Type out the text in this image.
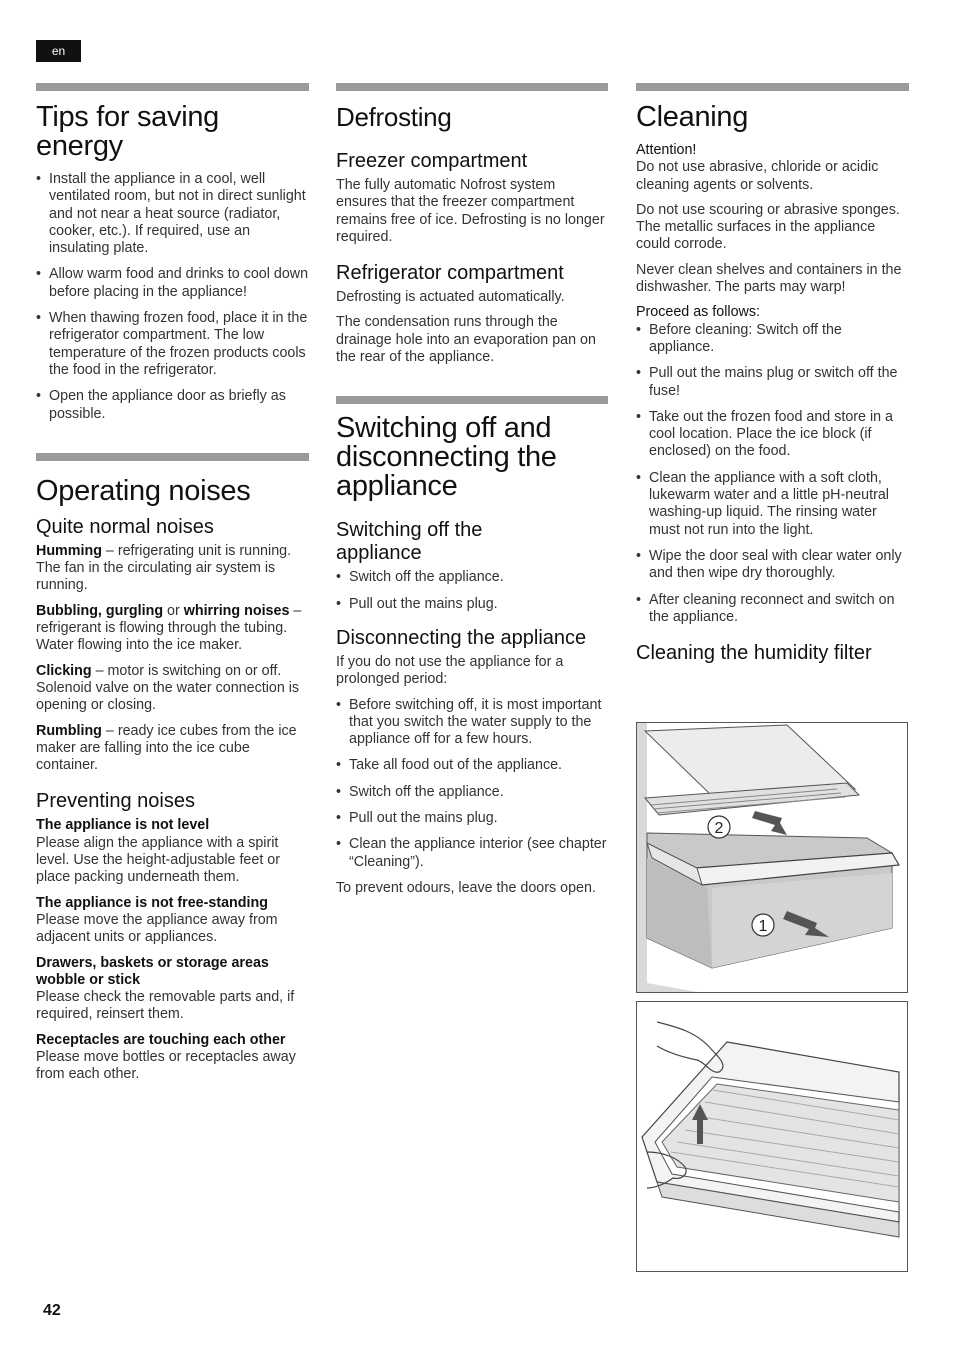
en
Tips for saving energy
• Install the appliance in a cool, well ventilated room, but not in direct sunlight and not near a heat source (radiator, cooker, etc.). If required, use an insulating plate.
• Allow warm food and drinks to cool down before placing in the appliance!
• When thawing frozen food, place it in the refrigerator compartment. The low temperature of the frozen products cools the food in the refrigerator.
• Open the appliance door as briefly as possible.
Operating noises
Quite normal noises

Humming – refrigerating unit is running. The fan in the circulating air system is running.

Bubbling, gurgling or whirring noises – refrigerant is flowing through the tubing. Water flowing into the ice maker.

Clicking – motor is switching on or off. Solenoid valve on the water connection is opening or closing.

Rumbling – ready ice cubes from the ice maker are falling into the ice cube container.

Preventing noises
The appliance is not level

Please align the appliance with a spirit level. Use the height-adjustable feet or place packing underneath them.

The appliance is not free-standing

Please move the appliance away from adjacent units or appliances.

Drawers, baskets or storage areas wobble or stick

Please check the removable parts and, if required, reinsert them.

Receptacles are touching each other

Please move bottles or receptacles away from each other.

Defrosting
Freezer compartment

The fully automatic Nofrost system ensures that the freezer compartment remains free of ice. Defrosting is no longer required.

Refrigerator compartment

Defrosting is actuated automatically.

The condensation runs through the drainage hole into an evaporation pan on the rear of the appliance.

Switching off and disconnecting the appliance
Switching off the appliance
• Switch off the appliance.
• Pull out the mains plug.
Disconnecting the appliance

If you do not use the appliance for a prolonged period:

• Before switching off, it is most important that you switch the water supply to the appliance off for a few hours.
• Take all food out of the appliance.
• Switch off the appliance.
• Pull out the mains plug.
• Clean the appliance interior (see chapter “Cleaning”).

To prevent odours, leave the doors open.

Cleaning
Attention!

Do not use abrasive, chloride or acidic cleaning agents or solvents.

Do not use scouring or abrasive sponges. The metallic surfaces in the appliance could corrode.

Never clean shelves and containers in the dishwasher. The parts may warp!

Proceed as follows:
• Before cleaning: Switch off the appliance.
• Pull out the mains plug or switch off the fuse!
• Take out the frozen food and store in a cool location. Place the ice block (if enclosed) on the food.
• Clean the appliance with a soft cloth, lukewarm water and a little pH-neutral washing-up liquid. The rinsing water must not run into the light.
• Wipe the door seal with clear water only and then wipe dry thoroughly.
• After cleaning reconnect and switch on the appliance.
Cleaning the humidity filter
2
1
42
